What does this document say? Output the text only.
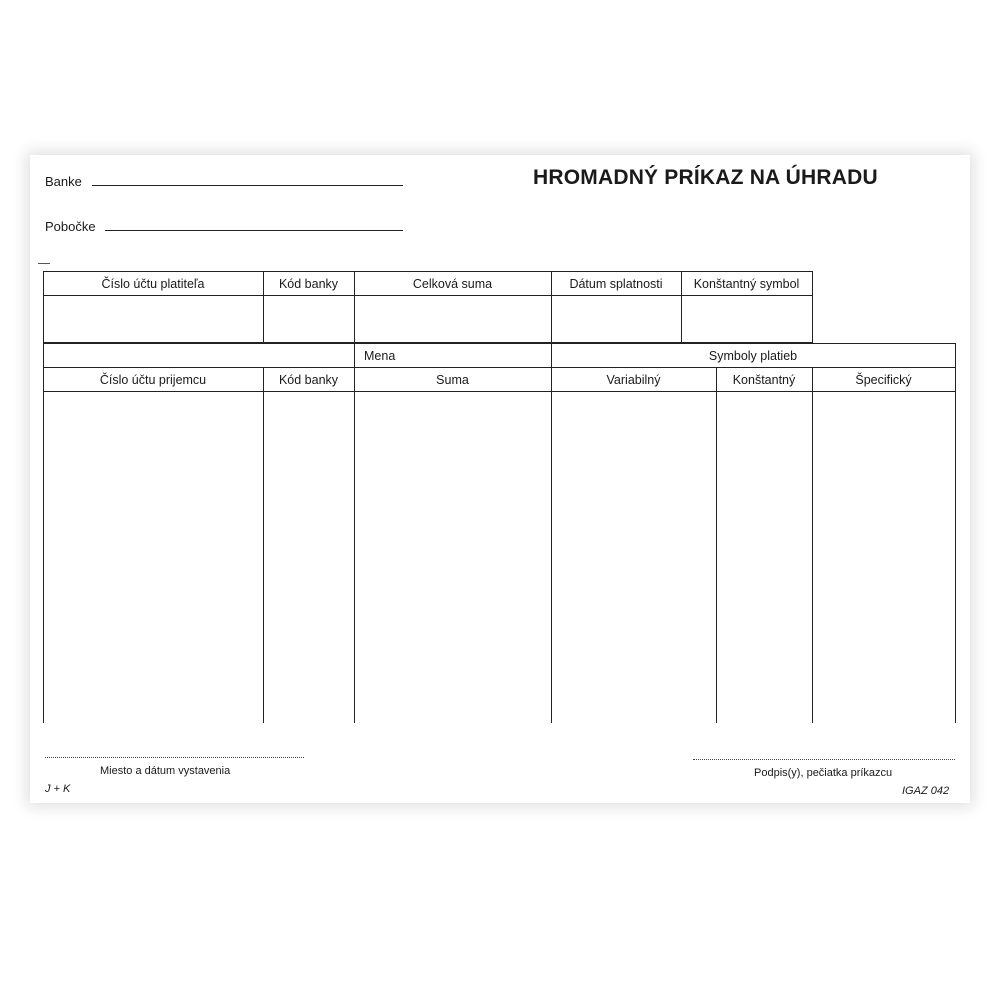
Banke
Pobočke
HROMADNÝ PRÍKAZ NA ÚHRADU
Číslo účtu platiteľa	Kód banky	Celková suma	Dátum splatnosti	Konštantný symbol
Mena	Symboly platieb
Číslo účtu prijemcu	Kód banky	Suma	Variabilný	Konštantný	Špecifický
Miesto a dátum vystavenia	Podpis(y), pečiatka príkazcu
J + K	IGAZ 042
